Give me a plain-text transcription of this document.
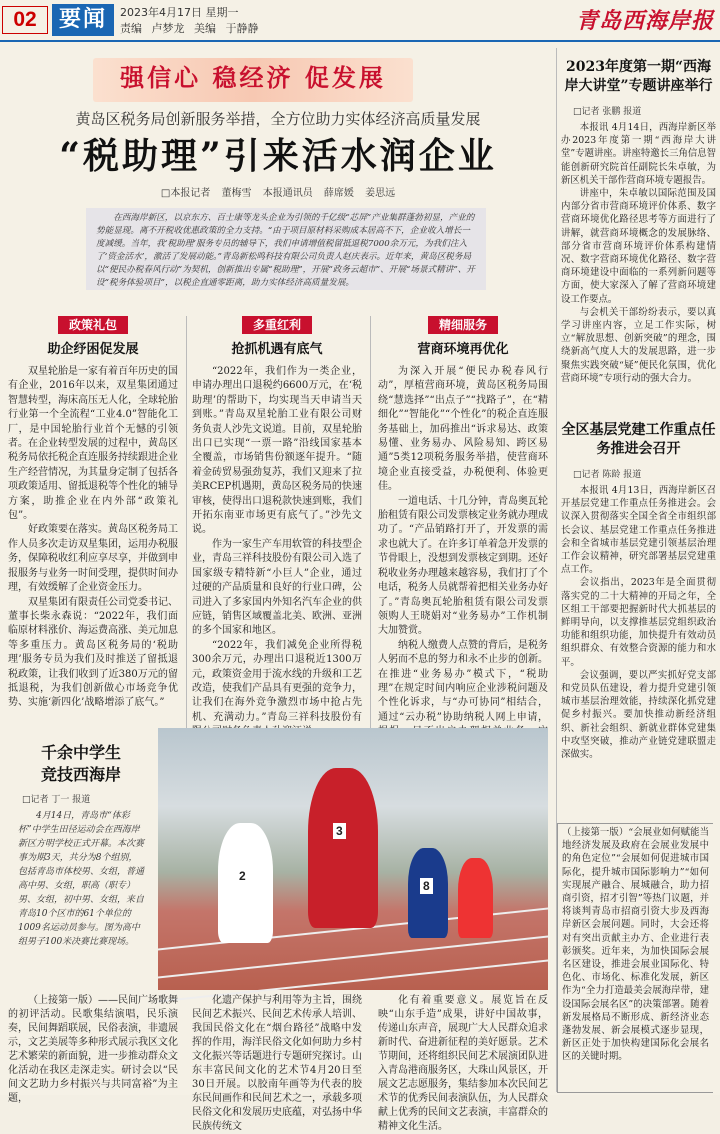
02	要闻	2023年4月17日 星期一
责编 卢梦龙 美编 于静静	青岛西海岸报
强信心 稳经济 促发展
黄岛区税务局创新服务举措，全方位助力实体经济高质量发展
“税助理”引来活水润企业
□本报记者 董梅雪 本报通讯员 薛席媛 姜思远
在西海岸新区，以京东方、百士康等龙头企业为引领的千亿级“芯屏”产业集群蓬勃初显，产业的势能显现。离不开税收优惠政策的全力支持。“由于项目原材料采购成本居高不下，企业收入增长一度减缓。当年，我‘税助理’服务专员的辅导下，我们申请增值税留抵退税7000余万元，为我们注入了‘资金活水’，激活了发展动能。”青岛新松鸣科技有限公司负责人赵庆表示。近年来，黄岛区税务局以“便民办税春风行动”为契机，创新推出专属“税助理”，开展“政务云超市”、开展“场景式精讲”、开设“税务体验项目”，以税企直通零距离，助力实体经济高质量发展。
政策礼包
助企纾困促发展

双星轮胎是一家有着百年历史的国有企业，2016年以来，双星集团通过智慧转型，海床高压无人化，全球轮胎行业第一个全流程“工业4.0”智能化工厂，是中国轮胎行业首个无憾的引领者。在企业转型发展的过程中，黄岛区税务局依托税企直连服务持续跟进企业生产经营情况，为其量身定制了包括各项政策适用、留抵退税等个性化的辅导方案，助推企业在内外部“政策礼包”。

好政策要在落实。黄岛区税务局工作人员多次走访双星集团，运用办税服务，保障税收红利应享尽享，并做到申报服务与业务一时间受理，提供时间办理，有效缓解了企业资金压力。

双星集团有限责任公司党委书记、董事长柴永森说：“2022年，我们面临原材料涨价、海运费高涨、美元加息等多重压力。黄岛区税务局的‘税助理’服务专员为我们及时推送了留抵退税政策，让我们收到了近380万元的留抵退税，为我们创新做心市场竞争优势、实施‘新四化’战略增添了底气。”

多重红利
抢抓机遇有底气

“2022年，我们作为一类企业，申请办理出口退税约6600万元，在‘税助理’的帮助下，均实现当天申请当天到账。”青岛双星轮胎工业有限公司财务负责人沙先文说道。目前，双星轮胎出口已实现“一票一路”沿线国家基本全覆盖，市场销售份额逐年提升。“随着金砖贸易强劲复苏，我们又迎来了拉美RCEP机遇期，黄岛区税务局的快速审核，使得出口退税款快速到账，我们开拓东南亚市场更有底气了。”沙先文说。

作为一家生产车用软管的科技型企业，青岛三祥科技股份有限公司入选了国家级专精特新“小巨人”企业，通过过硬的产品质量和良好的行业口碑，公司进入了多家国内外知名汽车企业的供应链，销售区域覆盖北美、欧洲、亚洲的多个国家和地区。

“2022年，我们减免企业所得税300余万元，办理出口退税近1300万元，政策资金用于流水线的升级和工艺改造，使我们产品具有更强的竞争力，让我们在海外竞争激烈市场中抢占先机、充满动力。”青岛三祥科技股份有

精细服务
营商环境再优化

为深入开展“便民办税春风行动”，厚植营商环境，黄岛区税务局围绕“慧选择”“出点子”“找路子”，在“精细化”“智能化”“个性化”的税企直连服务基础上，加码推出“诉求易达、政策易懂、业务易办、风险易知、跨区易通”5类12项税务服务举措，使营商环境企业直接受益，办税便利、体验更佳。

一道电话、十几分钟，青岛奥瓦轮胎租赁有限公司发票核定业务就办理成功了。“产品销路打开了，开发票的需求也就大了。在许多订单着急开发票的节骨眼上，没想到发票核定到期。还好税收业务办理越来越容易，我们打了个电话，税务人员就帮着把相关业务办好了。”青岛奥瓦轮胎租赁有限公司发票领购人王晓娟对“业务易办”工作机制大加赞赏。

纳税人缴费人点赞的背后，是税务人躬而不息的努力和永不止步的创新。在推进“业务易办”模式下，“税助理”在规定时间内响应企业涉税问题及个性化诉求，与“办可协同”相结合，通过“云办税”协助纳税人网上申请，

千余中学生
竞技西海岸
□记者 丁一 报道
4月14日，青岛市“体彩杯”中学生田径运动会在西海岸新区方明学校正式开幕。本次赛事为期3天，共分为8个组别，包括青岛市体校男、女组，普通高中男、女组，职高（职专）男、女组，初中男、女组，来自青岛10个区市的61个单位的1009名运动员参与。图为高中组男子100米决赛比赛现场。
3
8
2

（上接第一版）——民间广场歌舞的初评活动。民歌集结演唱，民乐演奏，民间舞蹈联展，民俗表演，非遗展示，文艺美展等多种形式展示我区文化艺术繁荣的新面貌，进一步推动群众文化活动在我区走深走实。研讨会以“民间文艺助力乡村振兴与共同富裕”为主题，

化遗产保护与利用等为主旨，围绕民间艺术振兴、民间艺术传承人培训、我国民俗文化在“烟台路径”战略中发挥的作用，海洋民俗文化如何助力乡村文化振兴等话题进行专题研究探讨。山东丰富民间文化的艺术节4月20日至30日开展。以胶南年画等为代表的胶东民间画作和民间艺术之一，承载多项民俗文化和发展历史底蕴，对弘扬中华民族传统文

化有着重要意义。展览旨在反映“山东手造”成果，讲好中国故事，传递山东声音，展现广大人民群众追求新时代、奋进新征程的美好愿景。艺术节期间，还将组织民间艺术展演团队进入青岛港商服务区，大珠山风景区，开展文艺志愿服务，集结参加本次民间艺术节的优秀民间表演队伍，为人民群众献上优秀的民间文艺表演，丰富群众的精神文化生活。

2023年度第一期“西海岸大讲堂”专题讲座举行
□记者 张鹏 报道

本报讯 4月14日，西海岸新区举办2023年度第一期“西海岸大讲堂”专题讲座。讲座特邀长三角信息智能创新研究院首任副院长朱卓敏，为新区机关干部作营商环境专题报告。

讲座中，朱卓敏以国际范围及国内部分省市营商环境评价体系、数字营商环境优化路径思考等方面进行了讲解，就营商环境概念的发展脉络、部分省市营商环境评价体系构建情况、数字营商环境优化路径、数字营商环境建设中面临的一系列新问题等方面，使大家深入了解了营商环境建设工作要点。

与会机关干部纷纷表示，要以真学习讲座内容，立足工作实际，树立“解放思想、创新突破”的理念，围绕新高气度人大的发展思路，进一步聚焦实践突破“疑”便民化氛围，优化营商环境”专项行动的强大合力。

全区基层党建工作重点任务推进会召开
□记者 陈龄 报道

本报讯 4月13日，西海岸新区召开基层党建工作重点任务推进会。会议深入贯彻落实全国全省全市组织部长会议、基层党建工作重点任务推进会和全省城市基层党建引领基层治理工作会议精神，研究部署基层党建重点工作。

会议指出，2023年是全面贯彻落实党的二十大精神的开局之年，全区组工干部要把握新时代大抓基层的鲜明导向，以支撑推基层党组织政治功能和组织功能，加快提升有效动员组织群众、有效整合资源的能力和水平。

会议强调，要以严实抓好党支部和党员队伍建设，着力提升党建引领城市基层治理效能，持续深化抓党建促乡村振兴。要加快推动新经济组织、新社会组织、新就业群体党建集中攻坚突破，推动产业链党建联盟走深做实。

（上接第一版）“会展业如何赋能当地经济发展及政府在会展业发展中的角色定位”“会展如何促进城市国际化，提升城市国际影响力”“如何实现展产融合、展城融合，助力招商引资，招才引智”等热门议题，并将谈判青岛市招商引资大步及西海岸新区会展问题。同时，大会还将对有突出贡献主办方、企业进行表彰颁奖。近年来，为加快国际会展名区建设，推进会展业国际化、特色化、市场化、标准化发展，新区作为“全力打造最美会展海岸带，建设国际会展名区”的决策部署。随着新发展格局不断形成、新经济业态蓬勃发展、新会展模式逐步显现，新区正处于加快构建国际化会展名区的关键时期。
